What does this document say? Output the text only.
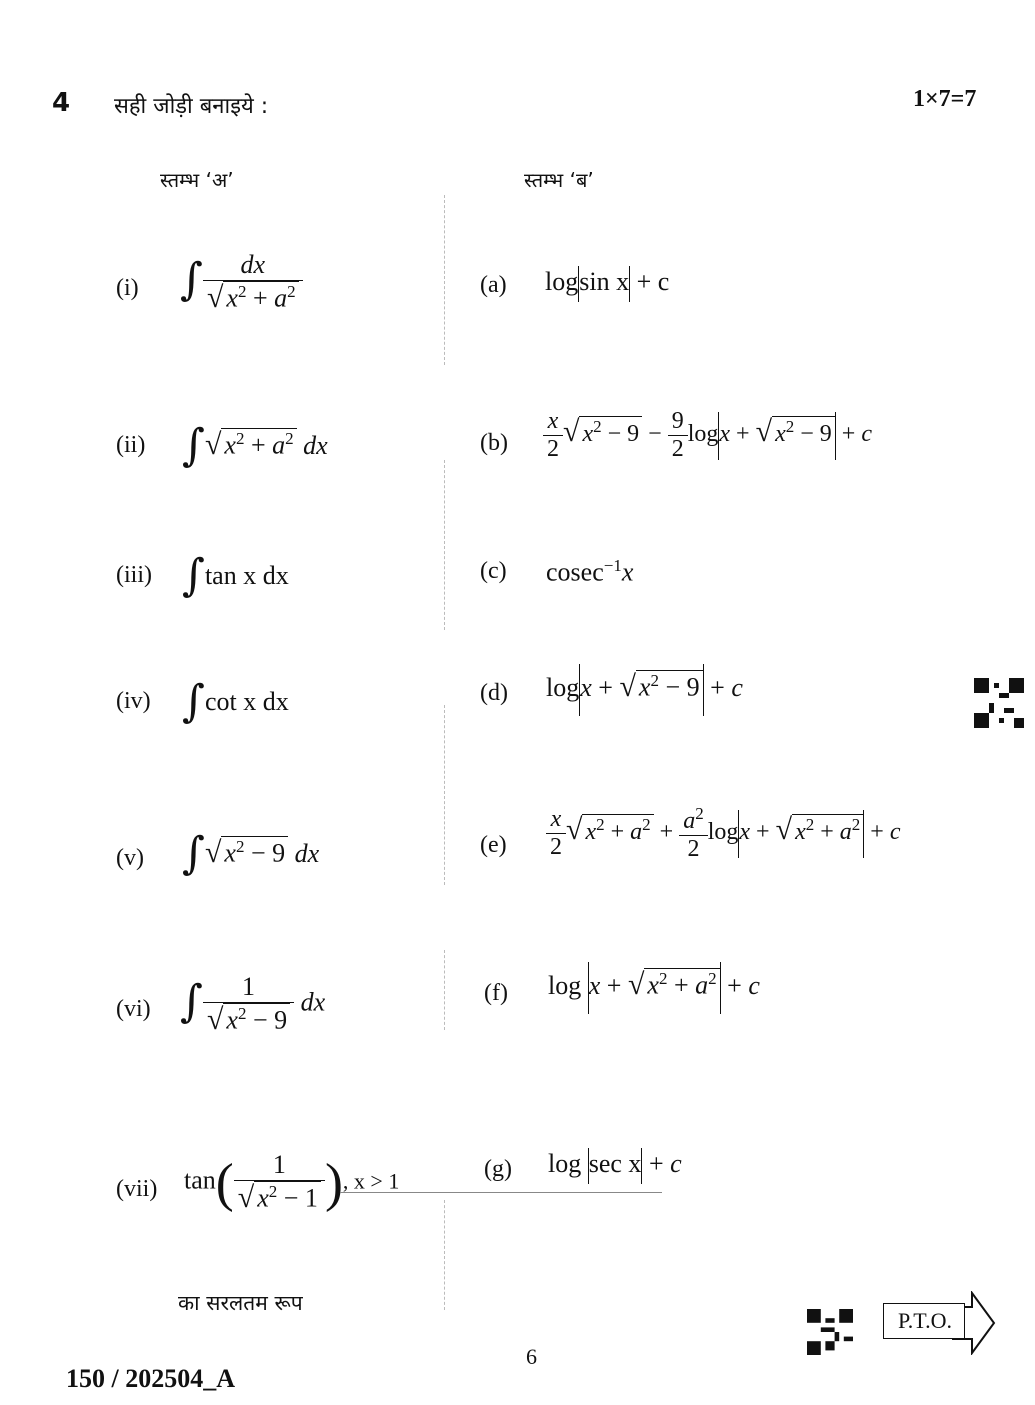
4 सही जोड़ी बनाइये :	1×7=7
स्तम्भ ‘अ’	स्तम्भ ‘ब’
(i) ∫ $\frac{dx}{√ x^2 + a^2}$
(ii) ∫√ $x^2 + a^2$ dx
(iii) ∫tan x dx
(iv) ∫cot x dx
(v) ∫√ $x^2 - 9$ dx
(vi) ∫ $\frac{1}{√ x^2 - 9}$ dx
(vii) $\tan( \frac{1}{√ x^2 - 1}$ ), x > 1
(a) logsin x + c
$(b) \frac{x}{2}$ √ $x^2 - 9 - \frac{9}{2}$ logx + √ $x^2 - 9 + c$
(c) cosec$^{-1}$x
(d) logx + √ $x^2 - 9 + c$
$(e) \frac{x}{2}$ √ $x^2 + a^2 + \frac{a^2}{2}$ logx + √ $x^2 + a^2 + c$
(f) log x + √ $x^2 + a^2 + c$
(g) log sec x + c
का सरलतम रूप
6
150 / 202504_A
P.T.O.
